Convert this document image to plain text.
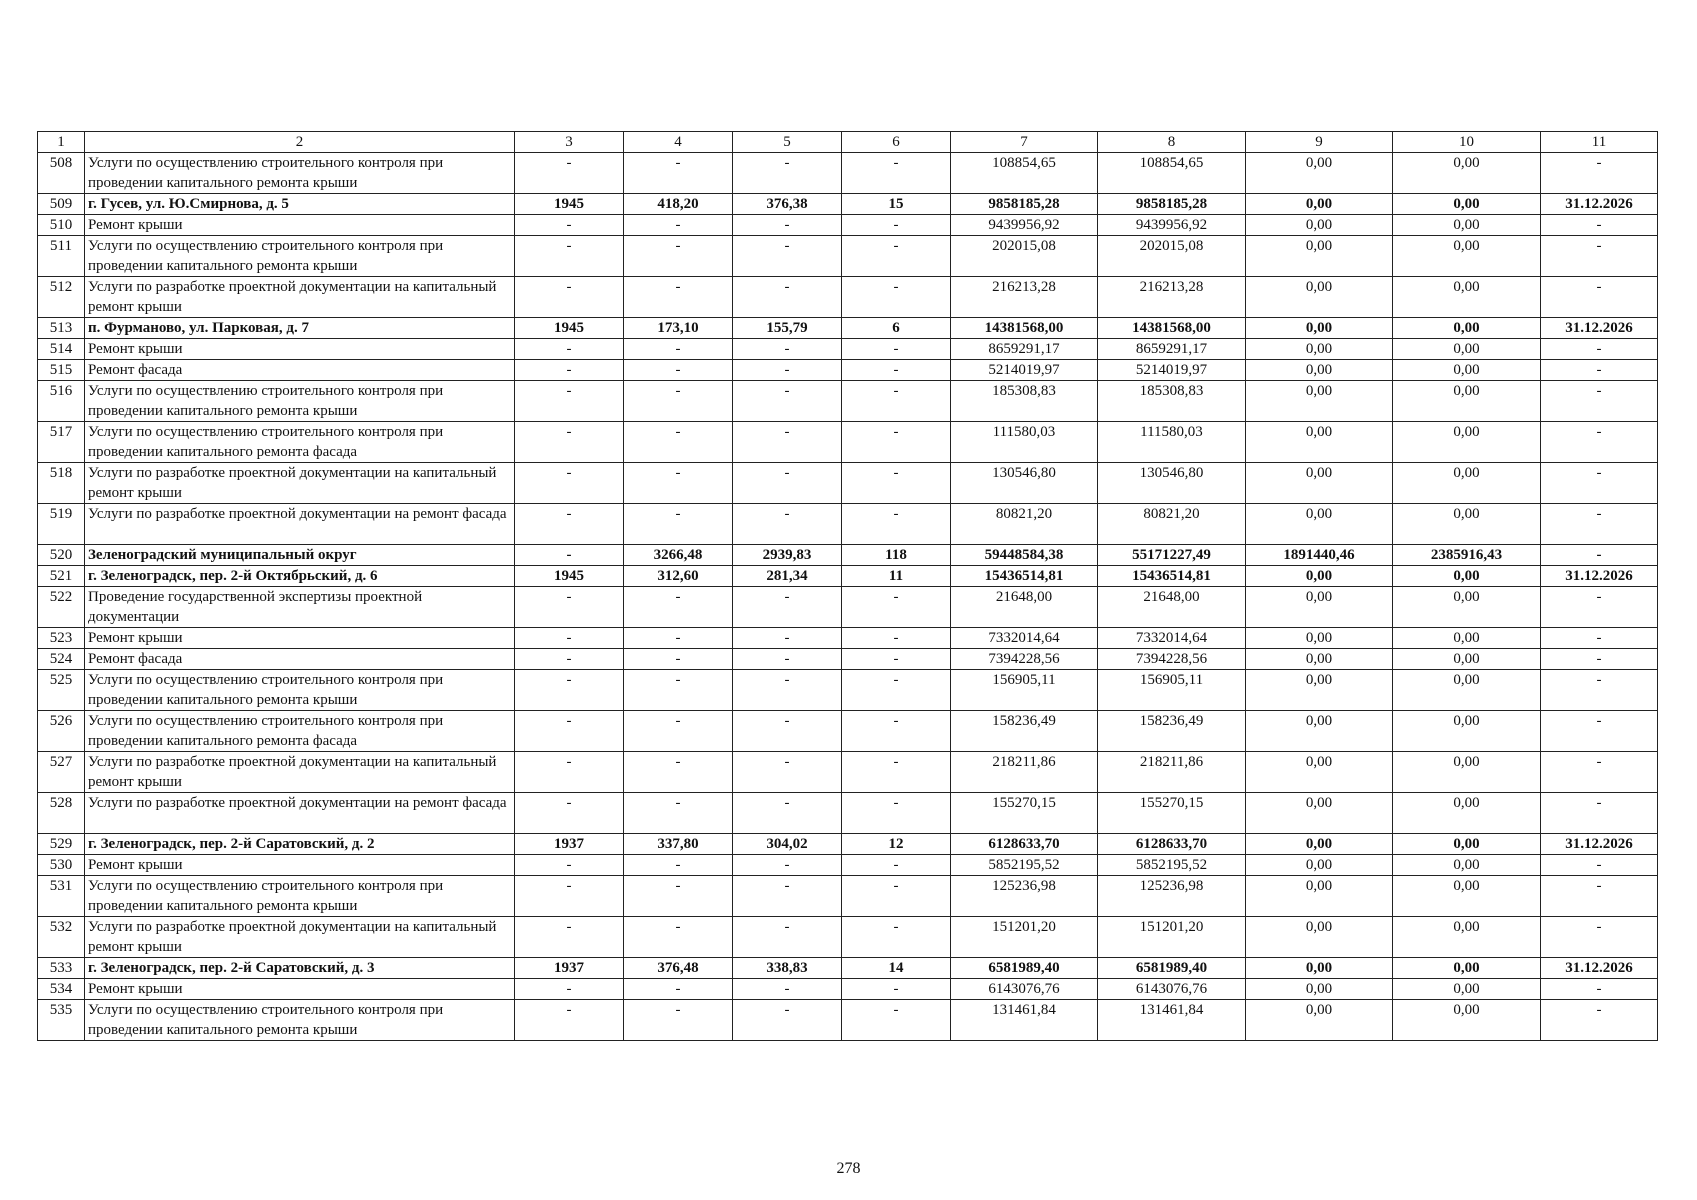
1	2	3	4	5	6	7	8	9	10	11
508	Услуги по осуществлению строительного контроля при проведении капитального ремонта крыши	-	-	-	-	108854,65	108854,65	0,00	0,00	-
509	г. Гусев, ул. Ю.Смирнова, д. 5	1945	418,20	376,38	15	9858185,28	9858185,28	0,00	0,00	31.12.2026
510	Ремонт крыши	-	-	-	-	9439956,92	9439956,92	0,00	0,00	-
511	Услуги по осуществлению строительного контроля при проведении капитального ремонта крыши	-	-	-	-	202015,08	202015,08	0,00	0,00	-
512	Услуги по разработке проектной документации на капитальный ремонт крыши	-	-	-	-	216213,28	216213,28	0,00	0,00	-
513	п. Фурманово, ул. Парковая, д. 7	1945	173,10	155,79	6	14381568,00	14381568,00	0,00	0,00	31.12.2026
514	Ремонт крыши	-	-	-	-	8659291,17	8659291,17	0,00	0,00	-
515	Ремонт фасада	-	-	-	-	5214019,97	5214019,97	0,00	0,00	-
516	Услуги по осуществлению строительного контроля при проведении капитального ремонта крыши	-	-	-	-	185308,83	185308,83	0,00	0,00	-
517	Услуги по осуществлению строительного контроля при проведении капитального ремонта фасада	-	-	-	-	111580,03	111580,03	0,00	0,00	-
518	Услуги по разработке проектной документации на капитальный ремонт крыши	-	-	-	-	130546,80	130546,80	0,00	0,00	-
519	Услуги по разработке проектной документации на ремонт фасада	-	-	-	-	80821,20	80821,20	0,00	0,00	-
520	Зеленоградский муниципальный округ	-	3266,48	2939,83	118	59448584,38	55171227,49	1891440,46	2385916,43	-
521	г. Зеленоградск, пер. 2-й Октябрьский, д. 6	1945	312,60	281,34	11	15436514,81	15436514,81	0,00	0,00	31.12.2026
522	Проведение государственной экспертизы проектной документации	-	-	-	-	21648,00	21648,00	0,00	0,00	-
523	Ремонт крыши	-	-	-	-	7332014,64	7332014,64	0,00	0,00	-
524	Ремонт фасада	-	-	-	-	7394228,56	7394228,56	0,00	0,00	-
525	Услуги по осуществлению строительного контроля при проведении капитального ремонта крыши	-	-	-	-	156905,11	156905,11	0,00	0,00	-
526	Услуги по осуществлению строительного контроля при проведении капитального ремонта фасада	-	-	-	-	158236,49	158236,49	0,00	0,00	-
527	Услуги по разработке проектной документации на капитальный ремонт крыши	-	-	-	-	218211,86	218211,86	0,00	0,00	-
528	Услуги по разработке проектной документации на ремонт фасада	-	-	-	-	155270,15	155270,15	0,00	0,00	-
529	г. Зеленоградск, пер. 2-й Саратовский, д. 2	1937	337,80	304,02	12	6128633,70	6128633,70	0,00	0,00	31.12.2026
530	Ремонт крыши	-	-	-	-	5852195,52	5852195,52	0,00	0,00	-
531	Услуги по осуществлению строительного контроля при проведении капитального ремонта крыши	-	-	-	-	125236,98	125236,98	0,00	0,00	-
532	Услуги по разработке проектной документации на капитальный ремонт крыши	-	-	-	-	151201,20	151201,20	0,00	0,00	-
533	г. Зеленоградск, пер. 2-й Саратовский, д. 3	1937	376,48	338,83	14	6581989,40	6581989,40	0,00	0,00	31.12.2026
534	Ремонт крыши	-	-	-	-	6143076,76	6143076,76	0,00	0,00	-
535	Услуги по осуществлению строительного контроля при проведении капитального ремонта крыши	-	-	-	-	131461,84	131461,84	0,00	0,00	-
278
